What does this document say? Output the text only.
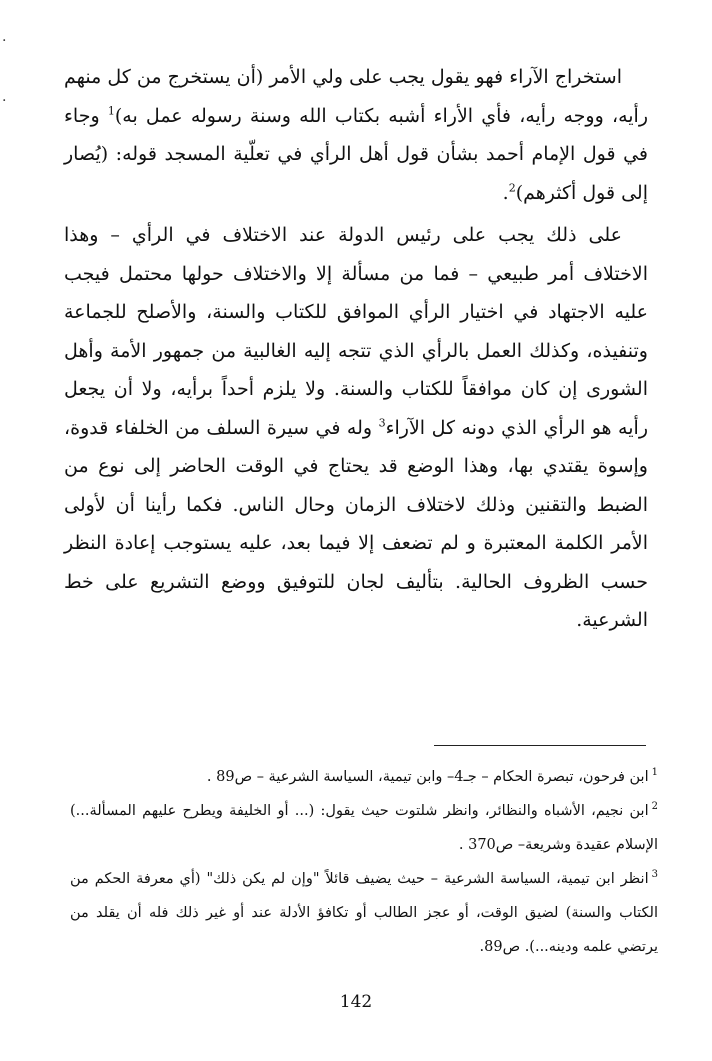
.
.

استخراج الآراء فهو يقول يجب على ولي الأمر (أن يستخرج من كل منهم رأيه، ووجه رأيه، فأي الأراء أشبه بكتاب الله وسنة رسوله عمل به)$^1$ وجاء في قول الإمام أحمد بشأن قول أهل الرأي في تعلّية المسجد قوله: (يُصار إلى قول أكثرهم)$^2$.

على ذلك يجب على رئيس الدولة عند الاختلاف في الرأي – وهذا الاختلاف أمر طبيعي – فما من مسألة إلا والاختلاف حولها محتمل فيجب عليه الاجتهاد في اختيار الرأي الموافق للكتاب والسنة، والأصلح للجماعة وتنفيذه، وكذلك العمل بالرأي الذي تتجه إليه الغالبية من جمهور الأمة وأهل الشورى إن كان موافقاً للكتاب والسنة. ولا يلزم أحداً برأيه، ولا أن يجعل رأيه هو الرأي الذي دونه كل الآراء$^3$ وله في سيرة السلف من الخلفاء قدوة، وإسوة يقتدي بها، وهذا الوضع قد يحتاج في الوقت الحاضر إلى نوع من الضبط والتقنين وذلك لاختلاف الزمان وحال الناس. فكما رأينا أن لأولى الأمر الكلمة المعتبرة و لم تضعف إلا فيما بعد، عليه يستوجب إعادة النظر حسب الظروف الحالية. بتأليف لجان للتوفيق ووضع التشريع على خط الشرعية.

$^1$ابن فرحون، تبصرة الحكام – جـ4– وابن تيمية، السياسة الشرعية – ص89 .

$^2$ابن نجيم، الأشباه والنظائر، وانظر شلتوت حيث يقول: (... أو الخليفة ويطرح عليهم المسألة...) الإسلام عقيدة وشريعة– ص370 .

$^3$انظر ابن تيمية، السياسة الشرعية – حيث يضيف قائلاً "وإن لم يكن ذلك" (أي معرفة الحكم من الكتاب والسنة) لضيق الوقت، أو عجز الطالب أو تكافؤ الأدلة عند أو غير ذلك فله أن يقلد من يرتضي علمه ودينه...). ص89.

142
